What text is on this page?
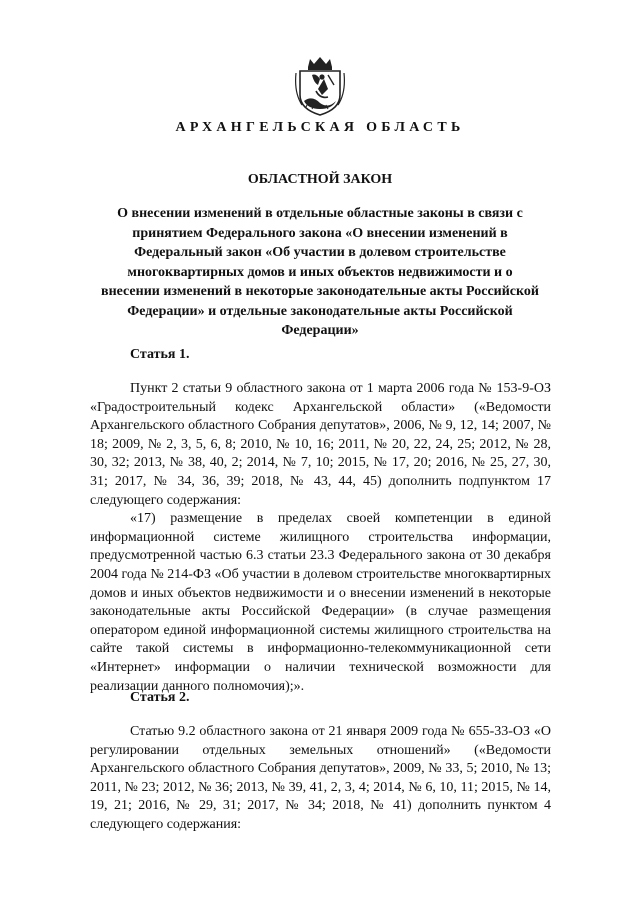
АРХАНГЕЛЬСКАЯ ОБЛАСТЬ
ОБЛАСТНОЙ ЗАКОН
О внесении изменений в отдельные областные законы в связи с принятием Федерального закона «О внесении изменений в Федеральный закон «Об участии в долевом строительстве многоквартирных домов и иных объектов недвижимости и о внесении изменений в некоторые законодательные акты Российской Федерации» и отдельные законодательные акты Российской Федерации»
Статья 1.

Пункт 2 статьи 9 областного закона от 1 марта 2006 года № 153-9-ОЗ «Градостроительный кодекс Архангельской области» («Ведомости Архангельского областного Собрания депутатов», 2006, № 9, 12, 14; 2007, № 18; 2009, № 2, 3, 5, 6, 8; 2010, № 10, 16; 2011, № 20, 22, 24, 25; 2012, № 28, 30, 32; 2013, № 38, 40, 2; 2014, № 7, 10; 2015, № 17, 20; 2016, № 25, 27, 30, 31; 2017, № 34, 36, 39; 2018, № 43, 44, 45) дополнить подпунктом 17 следующего содержания:

«17) размещение в пределах своей компетенции в единой информационной системе жилищного строительства информации, предусмотренной частью 6.3 статьи 23.3 Федерального закона от 30 декабря 2004 года № 214-ФЗ «Об участии в долевом строительстве многоквартирных домов и иных объектов недвижимости и о внесении изменений в некоторые законодательные акты Российской Федерации» (в случае размещения оператором единой информационной системы жилищного строительства на сайте такой системы в информационно-телекоммуникационной сети «Интернет» информации о наличии технической возможности для реализации данного полномочия);».

Статья 2.

Статью 9.2 областного закона от 21 января 2009 года № 655-33-ОЗ «О регулировании отдельных земельных отношений» («Ведомости Архангельского областного Собрания депутатов», 2009, № 33, 5; 2010, № 13; 2011, № 23; 2012, № 36; 2013, № 39, 41, 2, 3, 4; 2014, № 6, 10, 11; 2015, № 14, 19, 21; 2016, № 29, 31; 2017, № 34; 2018, № 41) дополнить пунктом 4 следующего содержания:
